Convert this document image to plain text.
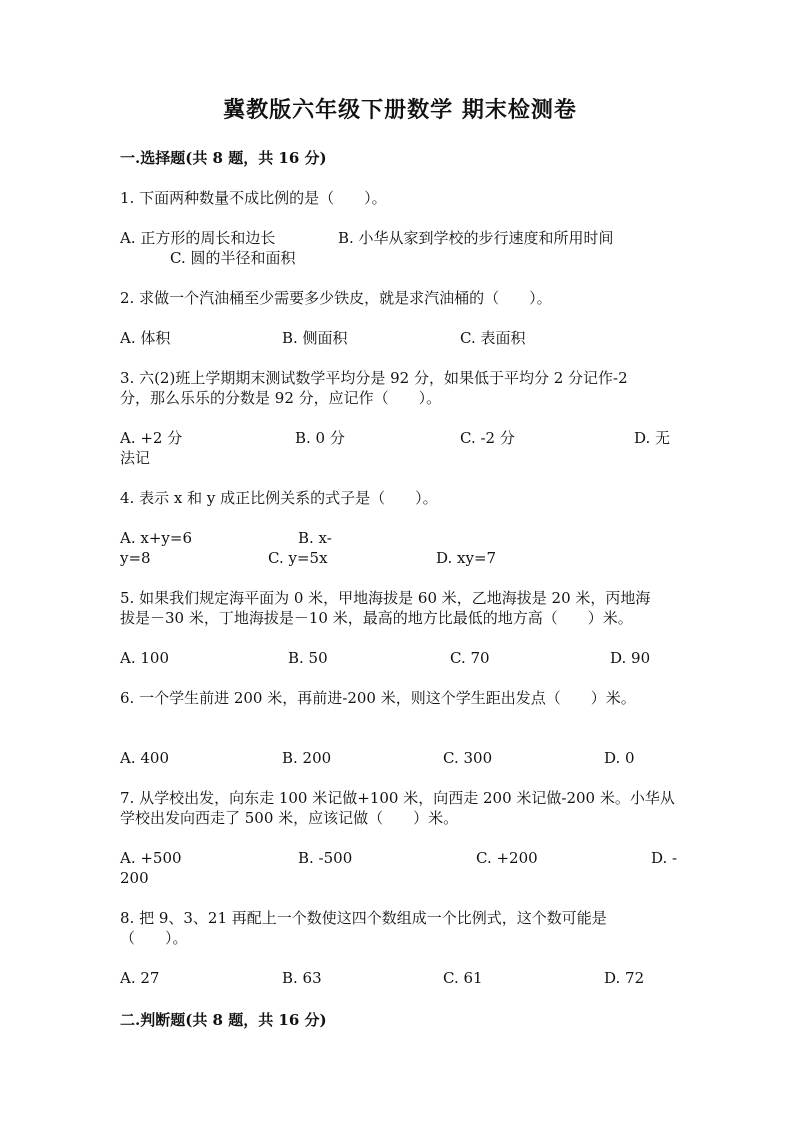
冀教版六年级下册数学 期末检测卷
一.选择题(共 8 题，共 16 分)
1. 下面两种数量不成比例的是（　　）。
A. 正方形的周长和边长	B. 小华从家到学校的步行速度和所用时间
C. 圆的半径和面积
2. 求做一个汽油桶至少需要多少铁皮，就是求汽油桶的（　　）。
A. 体积	B. 侧面积	C. 表面积
3. 六(2)班上学期期末测试数学平均分是 92 分，如果低于平均分 2 分记作-2
分，那么乐乐的分数是 92 分，应记作（　　）。
A. +2 分	B. 0 分	C. -2 分	D. 无
法记
4. 表示 x 和 y 成正比例关系的式子是（　　）。
A. x+y=6	B. x-
y=8	C. y=5x	D. xy=7
5. 如果我们规定海平面为 0 米，甲地海拔是 60 米，乙地海拔是 20 米，丙地海
拔是－30 米，丁地海拔是－10 米，最高的地方比最低的地方高（　　）米。
A. 100	B. 50	C. 70	D. 90
6. 一个学生前进 200 米，再前进-200 米，则这个学生距出发点（　　）米。
A. 400	B. 200	C. 300	D. 0
7. 从学校出发，向东走 100 米记做+100 米，向西走 200 米记做-200 米。小华从
学校出发向西走了 500 米，应该记做（　　）米。
A. +500	B. -500	C. +200	D. -
200
8. 把 9、3、21 再配上一个数使这四个数组成一个比例式，这个数可能是
（　　）。
A. 27	B. 63	C. 61	D. 72
二.判断题(共 8 题，共 16 分)
